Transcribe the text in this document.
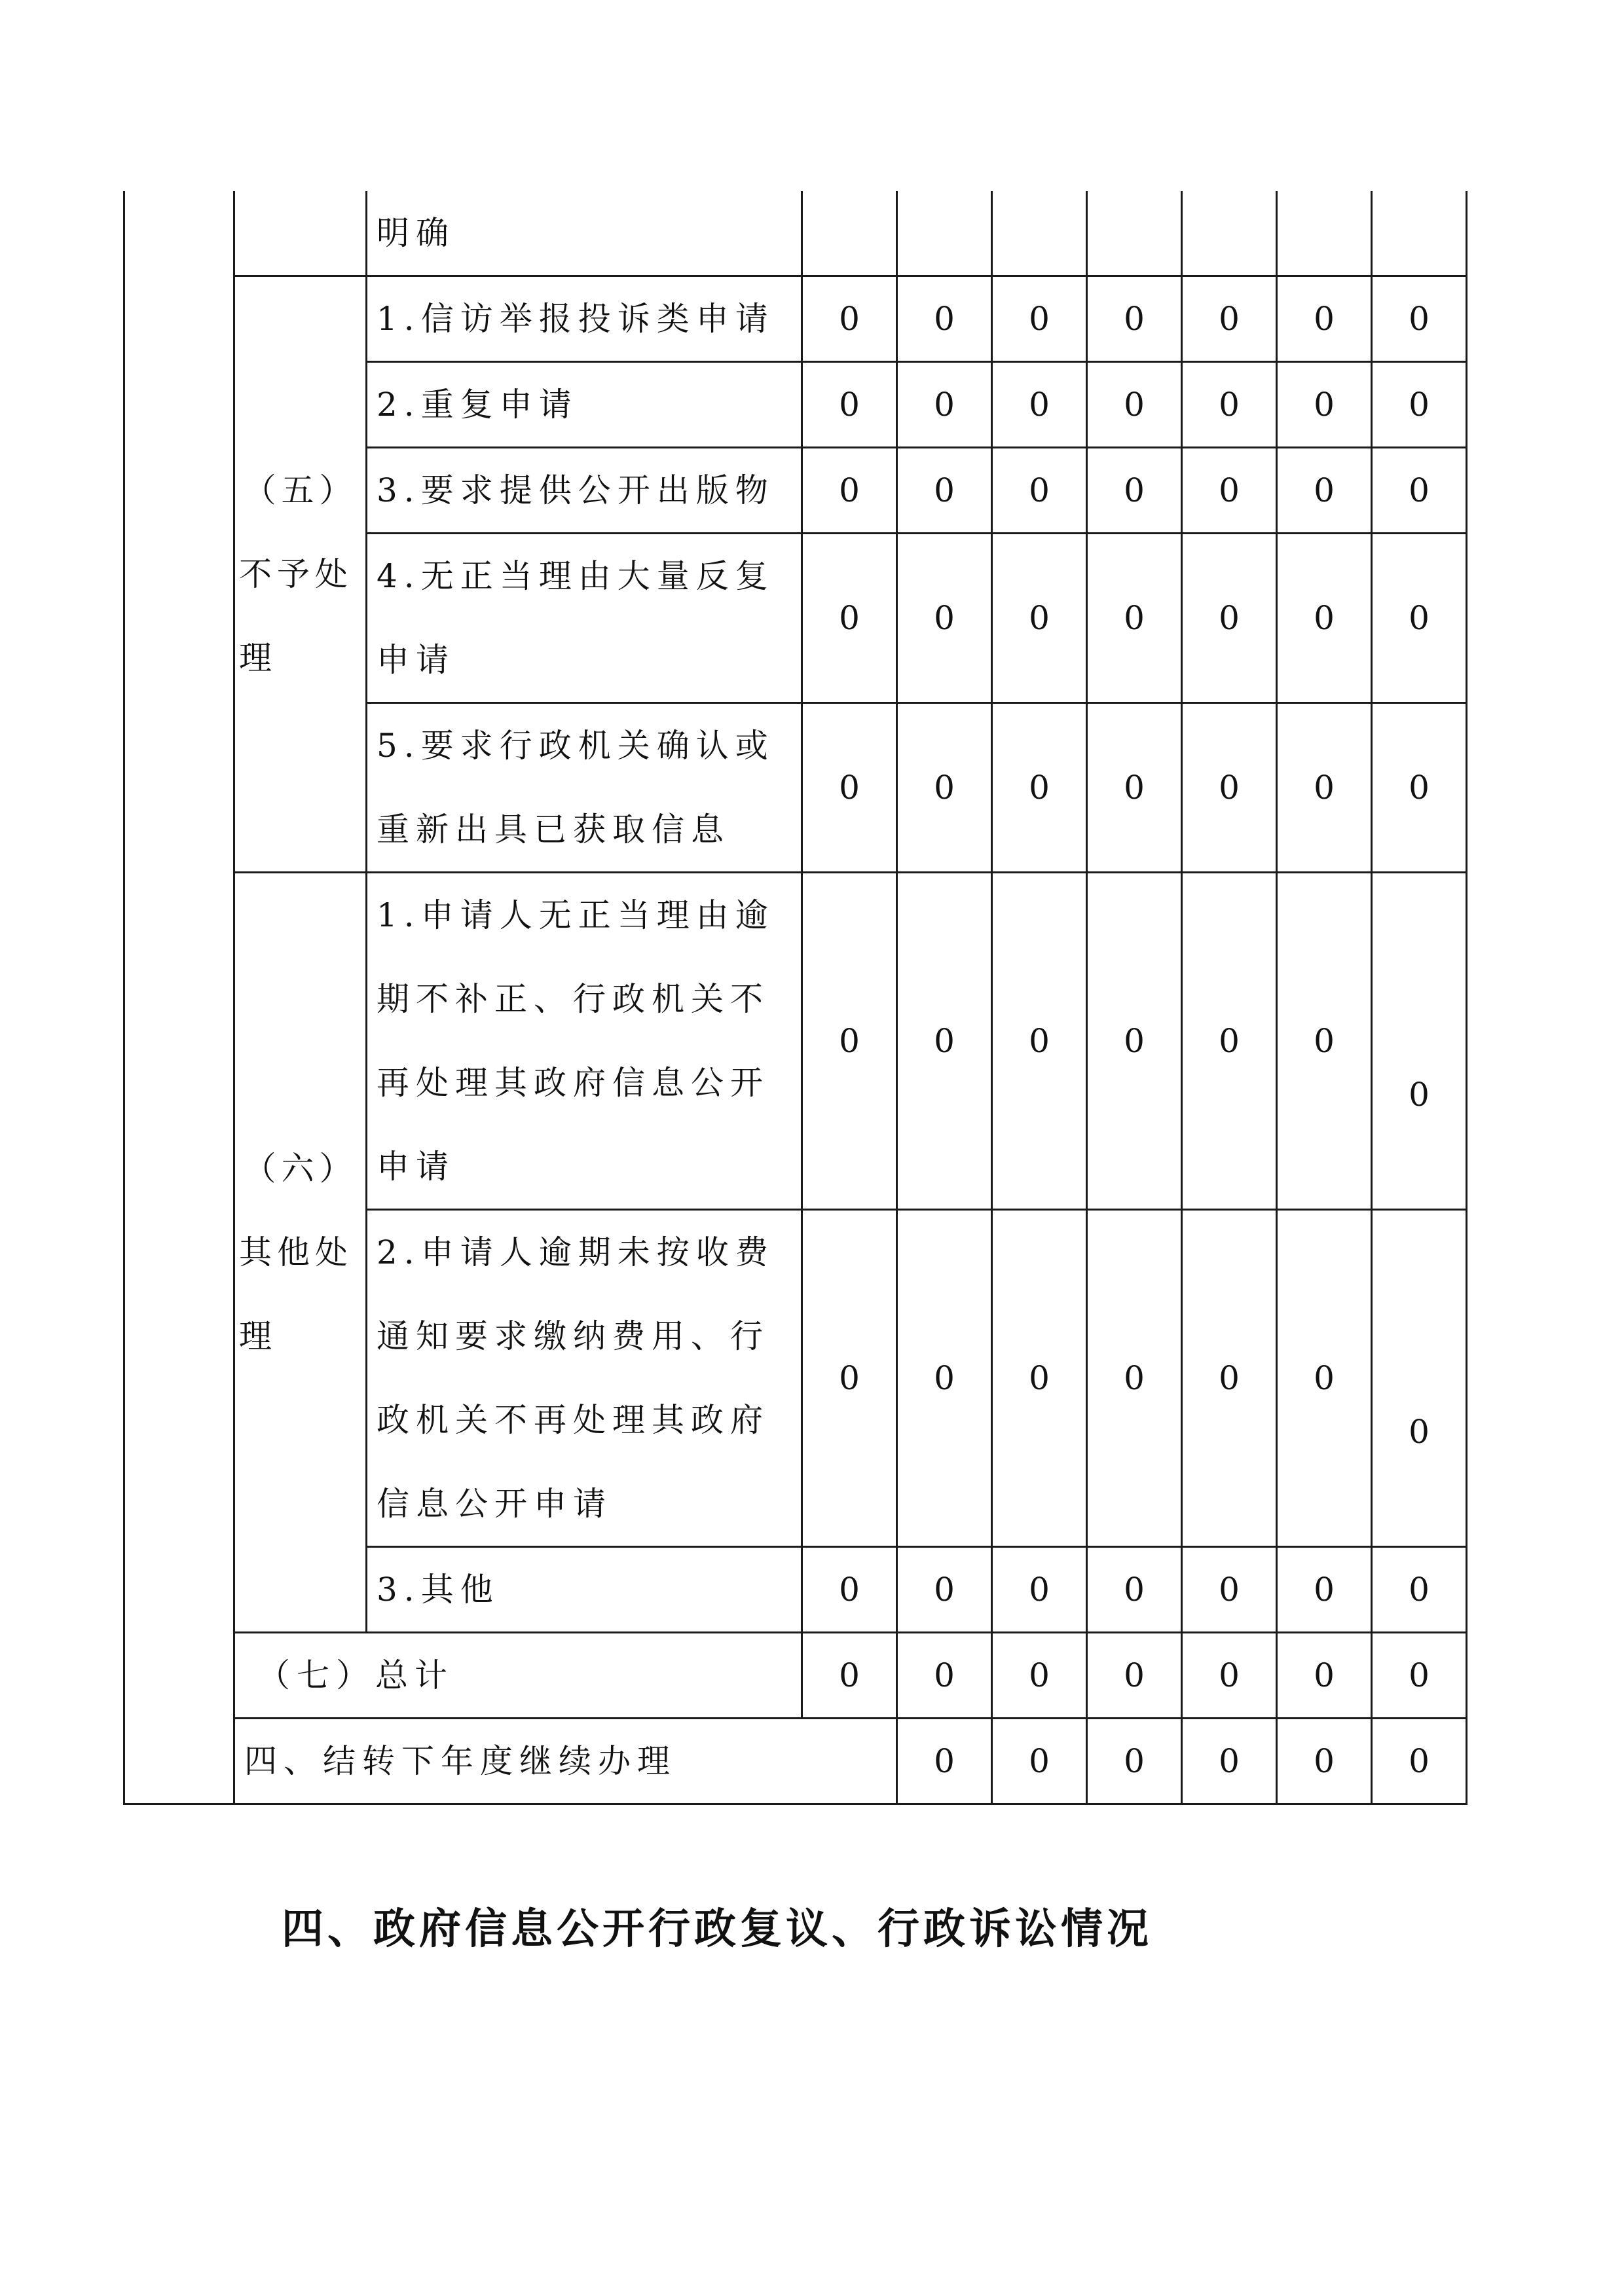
		明确								

	（五）
不予处理	1.信访举报投诉类申请	0	0	0	0	0	0	0	
		2.重复申请	0	0	0	0	0	0	0	
		3.要求提供公开出版物	0	0	0	0	0	0	0	
		4.无正当理由大量反复申请	0	0	0	0	0	0	0	
		5.要求行政机关确认或重新出具已获取信息	0	0	0	0	0	0	0	

	（六）
其他处理	1.申请人无正当理由逾期不补正、行政机关不再处理其政府信息公开申请	0	0	0	0	0	0	0	
		2.申请人逾期未按收费通知要求缴纳费用、行政机关不再处理其政府信息公开申请	0	0	0	0	0	0	0	
		3.其他	0	0	0	0	0	0	0	
	（七）总计		0	0	0	0	0	0	0	
	四、结转下年度继续办理			0	0	0	0	0	0	
四、政府信息公开行政复议、行政诉讼情况
